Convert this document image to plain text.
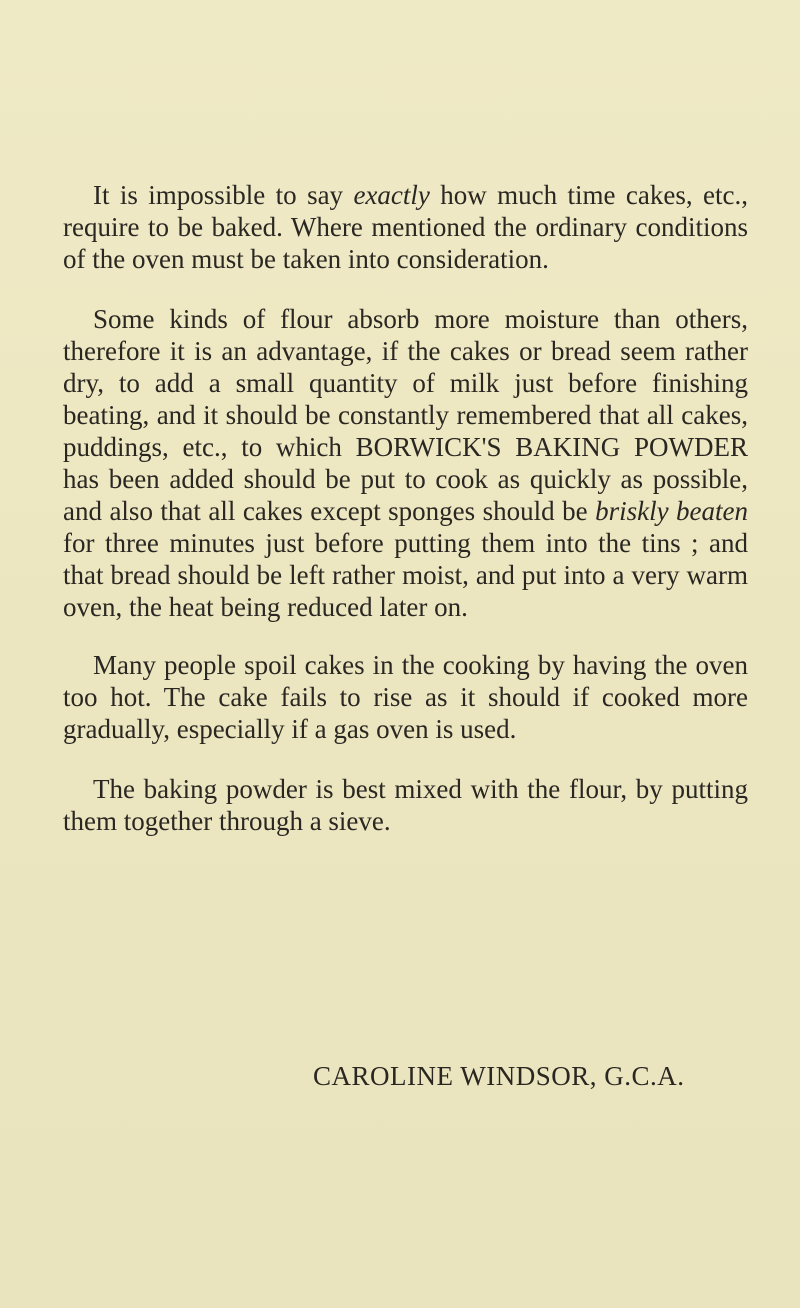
It is impossible to say exactly how much time cakes, etc., require to be baked. Where mentioned the ordinary conditions of the oven must be taken into consideration.

Some kinds of flour absorb more moisture than others, therefore it is an advantage, if the cakes or bread seem rather dry, to add a small quantity of milk just before finishing beating, and it should be constantly remembered that all cakes, puddings, etc., to which BORWICK'S BAKING POWDER has been added should be put to cook as quickly as possible, and also that all cakes except sponges should be briskly beaten for three minutes just before putting them into the tins ; and that bread should be left rather moist, and put into a very warm oven, the heat being reduced later on.

Many people spoil cakes in the cooking by having the oven too hot. The cake fails to rise as it should if cooked more gradually, especially if a gas oven is used.

The baking powder is best mixed with the flour, by putting them together through a sieve.

CAROLINE WINDSOR, G.C.A.
